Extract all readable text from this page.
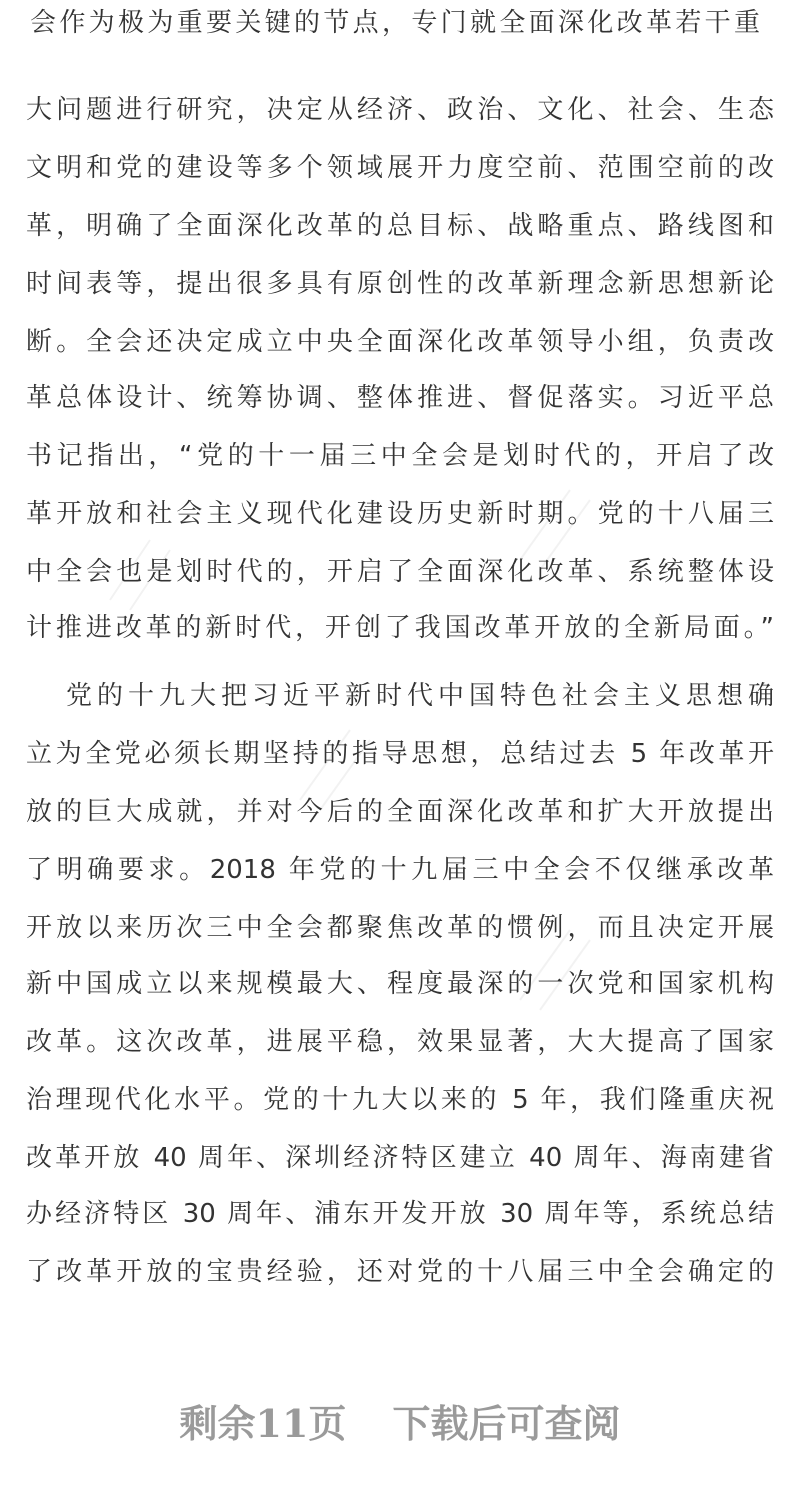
会作为极为重要关键的节点，专门就全面深化改革若干重
大问题进行研究，决定从经济、政治、文化、社会、生态
文明和党的建设等多个领域展开力度空前、范围空前的改
革，明确了全面深化改革的总目标、战略重点、路线图和
时间表等，提出很多具有原创性的改革新理念新思想新论
断。全会还决定成立中央全面深化改革领导小组，负责改
革总体设计、统筹协调、整体推进、督促落实。习近平总
书记指出，“党的十一届三中全会是划时代的，开启了改
革开放和社会主义现代化建设历史新时期。党的十八届三
中全会也是划时代的，开启了全面深化改革、系统整体设
计推进改革的新时代，开创了我国改革开放的全新局面。”
党的十九大把习近平新时代中国特色社会主义思想确
立为全党必须长期坚持的指导思想，总结过去 5 年改革开
放的巨大成就，并对今后的全面深化改革和扩大开放提出
了明确要求。2018 年党的十九届三中全会不仅继承改革
开放以来历次三中全会都聚焦改革的惯例，而且决定开展
新中国成立以来规模最大、程度最深的一次党和国家机构
改革。这次改革，进展平稳，效果显著，大大提高了国家
治理现代化水平。党的十九大以来的 5 年，我们隆重庆祝
改革开放 40 周年、深圳经济特区建立 40 周年、海南建省
办经济特区 30 周年、浦东开发开放 30 周年等，系统总结
了改革开放的宝贵经验，还对党的十八届三中全会确定的
剩余11页 下载后可查阅
